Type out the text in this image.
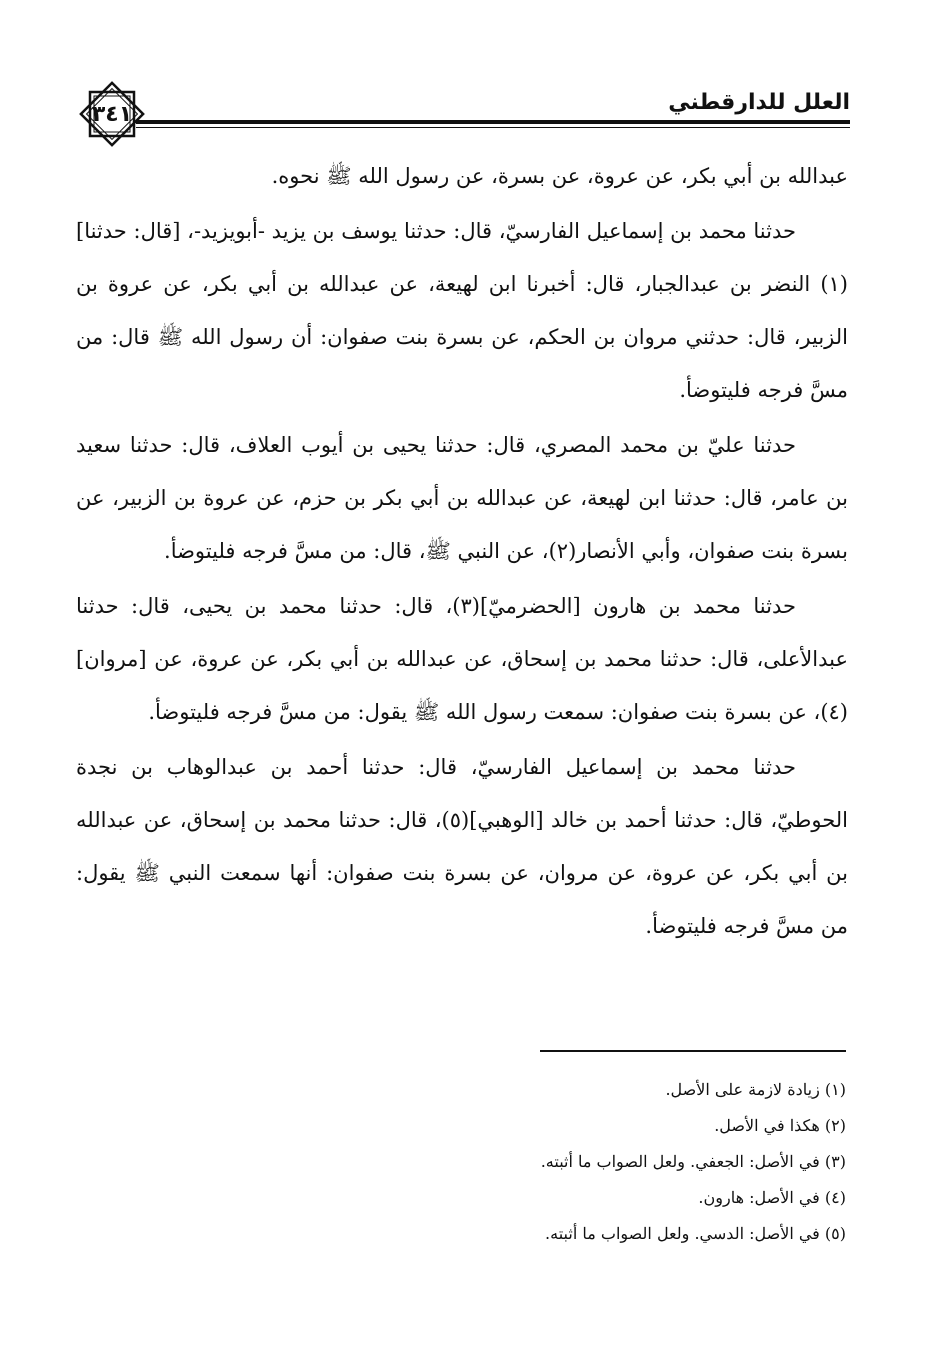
٣٤١	العلل للدارقطني

عبدالله بن أبي بكر، عن عروة، عن بسرة، عن رسول الله ﷺ نحوه.

حدثنا محمد بن إسماعيل الفارسيّ، قال: حدثنا يوسف بن يزيد -أبويزيد-، [قال: حدثنا](١) النضر بن عبدالجبار، قال: أخبرنا ابن لهيعة، عن عبدالله بن أبي بكر، عن عروة بن الزبير، قال: حدثني مروان بن الحكم، عن بسرة بنت صفوان: أن رسول الله ﷺ قال: من مسَّ فرجه فليتوضأ.

حدثنا عليّ بن محمد المصري، قال: حدثنا يحيى بن أيوب العلاف، قال: حدثنا سعيد بن عامر، قال: حدثنا ابن لهيعة، عن عبدالله بن أبي بكر بن حزم، عن عروة بن الزبير، عن بسرة بنت صفوان، وأبي الأنصار(٢)، عن النبي ﷺ، قال: من مسَّ فرجه فليتوضأ.

حدثنا محمد بن هارون [الحضرميّ](٣)، قال: حدثنا محمد بن يحيى، قال: حدثنا عبدالأعلى، قال: حدثنا محمد بن إسحاق، عن عبدالله بن أبي بكر، عن عروة، عن [مروان](٤)، عن بسرة بنت صفوان: سمعت رسول الله ﷺ يقول: من مسَّ فرجه فليتوضأ.

حدثنا محمد بن إسماعيل الفارسيّ، قال: حدثنا أحمد بن عبدالوهاب بن نجدة الحوطيّ، قال: حدثنا أحمد بن خالد [الوهبي](٥)، قال: حدثنا محمد بن إسحاق، عن عبدالله بن أبي بكر، عن عروة، عن مروان، عن بسرة بنت صفوان: أنها سمعت النبي ﷺ يقول: من مسَّ فرجه فليتوضأ.

(١) زيادة لازمة على الأصل.
(٢) هكذا في الأصل.
(٣) في الأصل: الجعفي. ولعل الصواب ما أثبته.
(٤) في الأصل: هارون.
(٥) في الأصل: الدسي. ولعل الصواب ما أثبته.
